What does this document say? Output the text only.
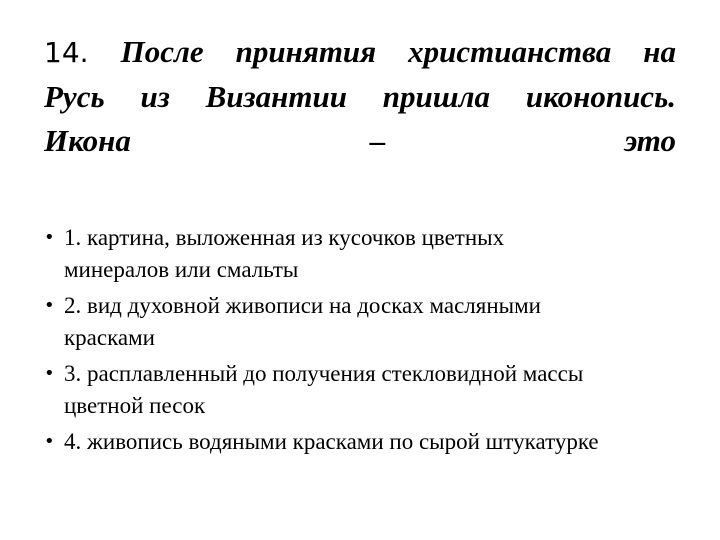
14. После принятия христианства на
Русь из Византии пришла иконопись.
Икона	–	это
• 1. картина, выложенная из кусочков цветных
минералов или смальты
• 2. вид духовной живописи на досках масляными
красками
• 3. расплавленный до получения стекловидной массы
цветной песок
• 4. живопись водяными красками по сырой штукатурке
